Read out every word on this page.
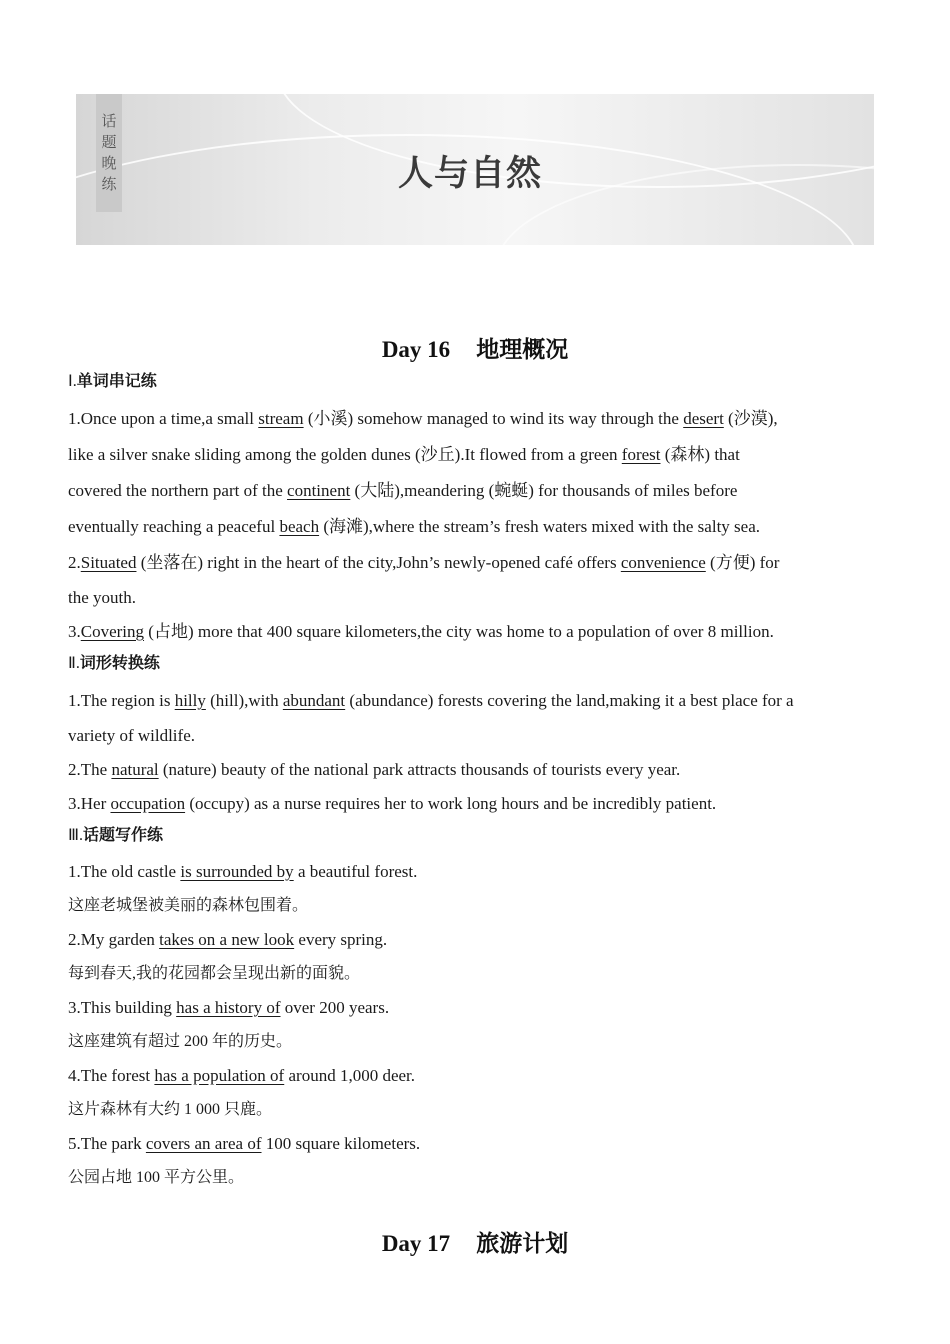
话
题
晚
练	人与自然
Day 16 地理概况
Ⅰ.单词串记练
1.Once upon a time,a small stream (小溪) somehow managed to wind its way through the desert (沙漠),
like a silver snake sliding among the golden dunes (沙丘).It flowed from a green forest (森林) that
covered the northern part of the continent (大陆),meandering (蜿蜒) for thousands of miles before
eventually reaching a peaceful beach (海滩),where the stream’s fresh waters mixed with the salty sea.
2.Situated (坐落在) right in the heart of the city,John’s newly-opened café offers convenience (方便) for
the youth.
3.Covering (占地) more that 400 square kilometers,the city was home to a population of over 8 million.
Ⅱ.词形转换练
1.The region is hilly (hill),with abundant (abundance) forests covering the land,making it a best place for a
variety of wildlife.
2.The natural (nature) beauty of the national park attracts thousands of tourists every year.
3.Her occupation (occupy) as a nurse requires her to work long hours and be incredibly patient.
Ⅲ.话题写作练
1.The old castle is surrounded by a beautiful forest.
这座老城堡被美丽的森林包围着。
2.My garden takes on a new look every spring.
每到春天,我的花园都会呈现出新的面貌。
3.This building has a history of over 200 years.
这座建筑有超过 200 年的历史。
4.The forest has a population of around 1,000 deer.
这片森林有大约 1 000 只鹿。
5.The park covers an area of 100 square kilometers.
公园占地 100 平方公里。
Day 17 旅游计划
